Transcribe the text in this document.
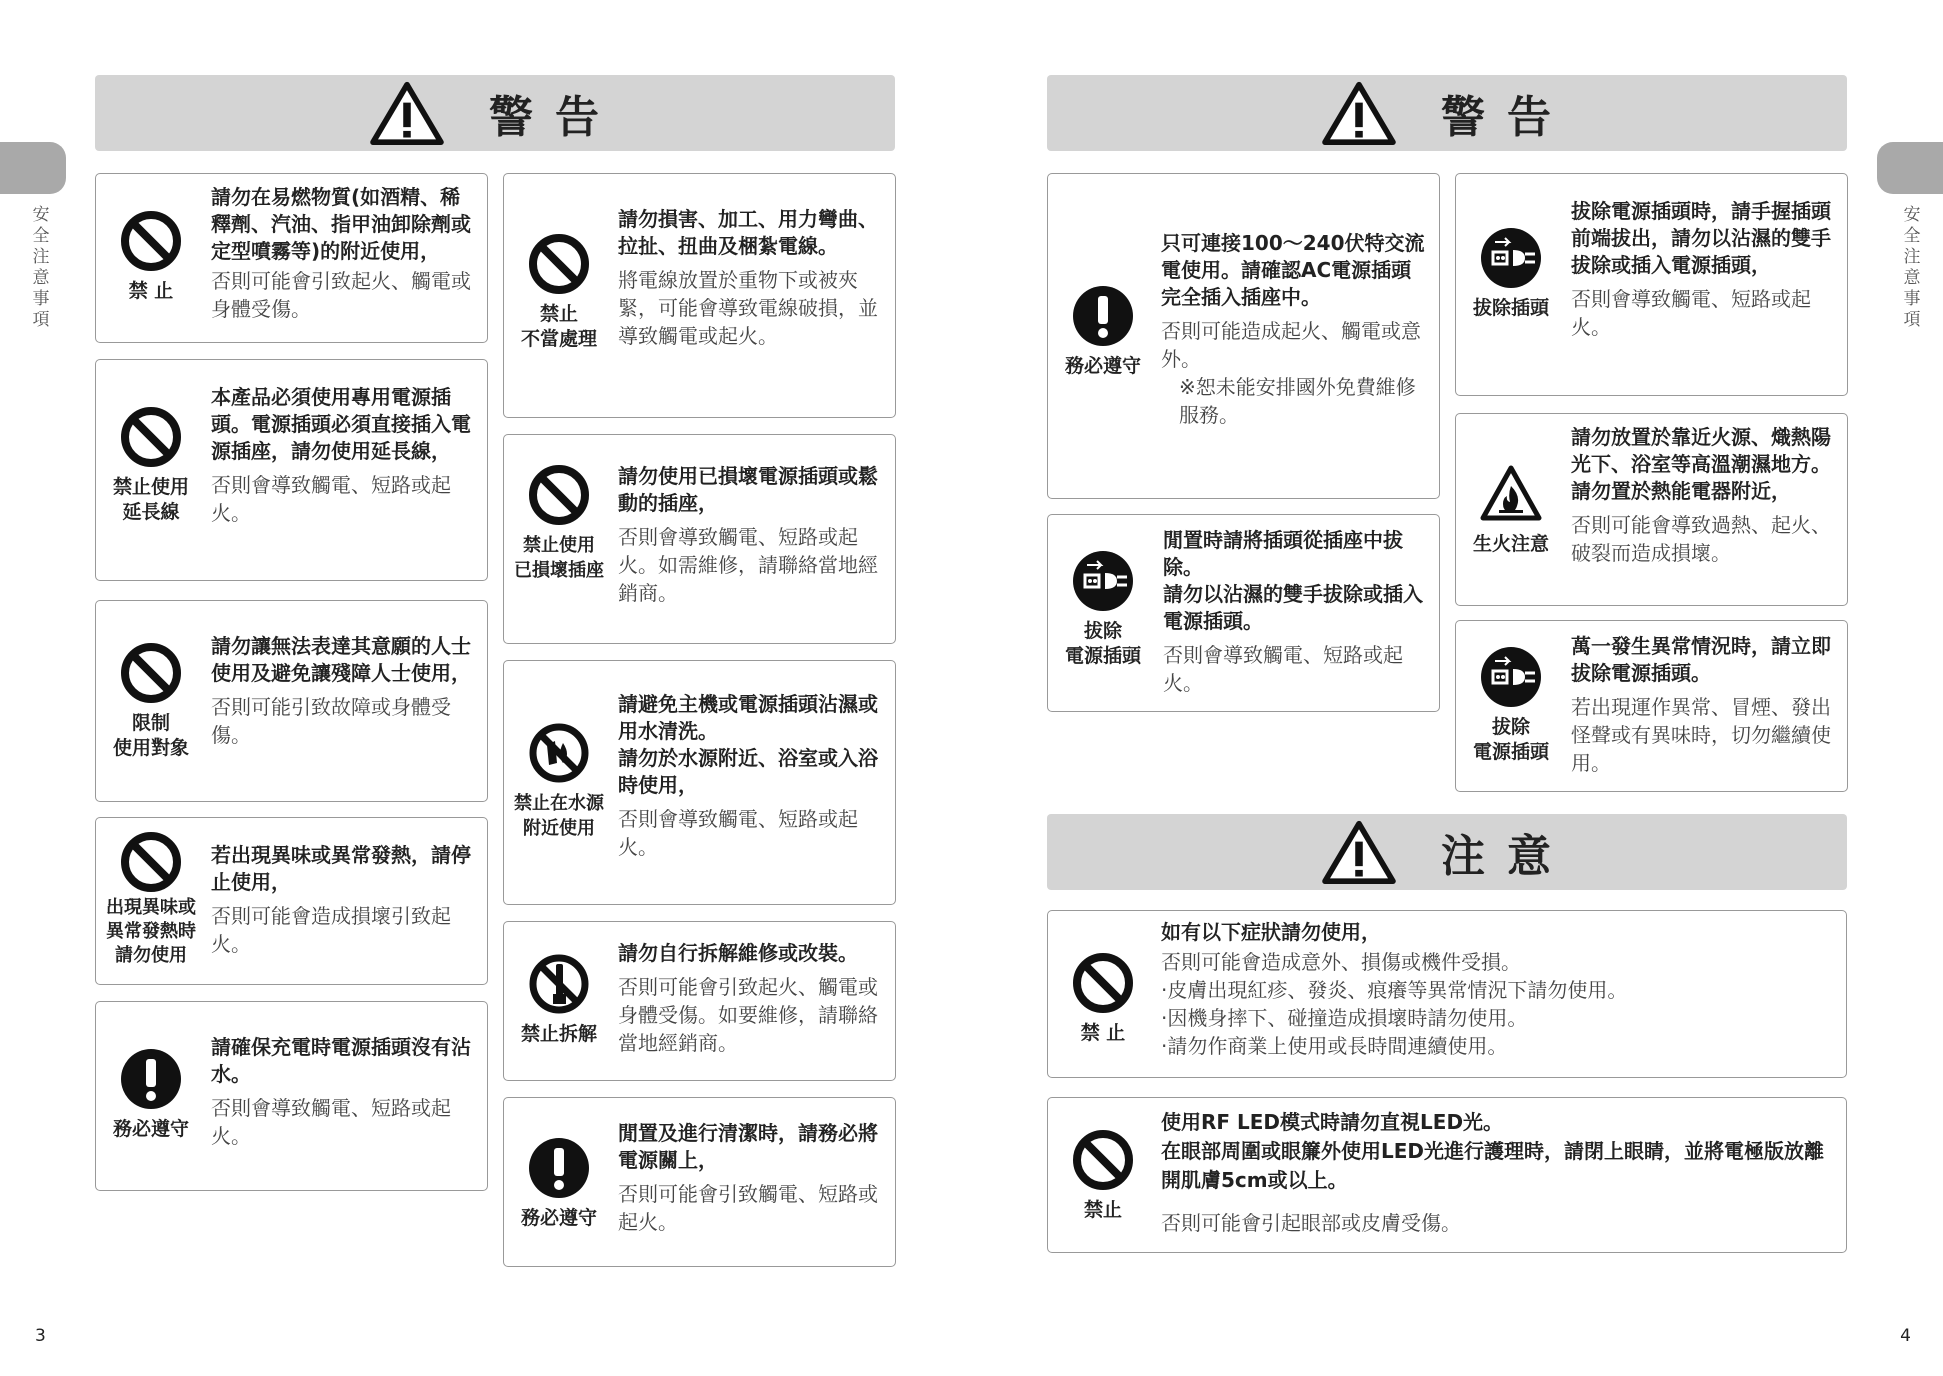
安全注意事項
安全注意事項
3	4
警告	警告
注意
禁 止
請勿在易燃物質(如酒精、稀釋劑、汽油、指甲油卸除劑或定型噴霧等)的附近使用，
否則可能會引致起火、觸電或身體受傷。
禁止使用
延長線
本產品必須使用專用電源插頭。電源插頭必須直接插入電源插座，請勿使用延長線，
否則會導致觸電、短路或起火。
限制
使用對象
請勿讓無法表達其意願的人士使用及避免讓殘障人士使用，
否則可能引致故障或身體受傷。
出現異味或
異常發熱時
請勿使用
若出現異味或異常發熱，請停止使用，
否則可能會造成損壞引致起火。
務必遵守
請確保充電時電源插頭沒有沾水。
否則會導致觸電、短路或起火。
禁止
不當處理
請勿損害、加工、用力彎曲、拉扯、扭曲及梱紮電線。
將電線放置於重物下或被夾緊，可能會導致電線破損，並導致觸電或起火。
禁止使用
已損壞插座
請勿使用已損壞電源插頭或鬆動的插座，
否則會導致觸電、短路或起火。如需維修，請聯絡當地經銷商。
禁止在水源
附近使用
請避免主機或電源插頭沾濕或用水清洗。
請勿於水源附近、浴室或入浴時使用，
否則會導致觸電、短路或起火。
禁止拆解
請勿自行拆解維修或改裝。
否則可能會引致起火、觸電或身體受傷。如要維修，請聯絡當地經銷商。
務必遵守
閒置及進行清潔時，請務必將電源關上，
否則可能會引致觸電、短路或起火。
務必遵守
只可連接100～240伏特交流電使用。請確認AC電源插頭完全插入插座中。
否則可能造成起火、觸電或意外。
※恕未能安排國外免費維修服務。
拔除
電源插頭
閒置時請將插頭從插座中拔除。
請勿以沾濕的雙手拔除或插入電源插頭。
否則會導致觸電、短路或起火。
拔除插頭
拔除電源插頭時，請手握插頭前端拔出，請勿以沾濕的雙手拔除或插入電源插頭，
否則會導致觸電、短路或起火。
生火注意
請勿放置於靠近火源、熾熱陽光下、浴室等高溫潮濕地方。請勿置於熱能電器附近，
否則可能會導致過熱、起火、破裂而造成損壞。
拔除
電源插頭
萬一發生異常情況時，請立即拔除電源插頭。
若出現運作異常、冒煙、發出怪聲或有異味時，切勿繼續使用。
禁 止
如有以下症狀請勿使用，
否則可能會造成意外、損傷或機件受損。
·皮膚出現紅疹、發炎、痕癢等異常情況下請勿使用。
·因機身摔下、碰撞造成損壞時請勿使用。
·請勿作商業上使用或長時間連續使用。
禁止
使用RF LED模式時請勿直視LED光。
在眼部周圍或眼簾外使用LED光進行護理時，請閉上眼睛，並將電極版放離開肌膚5cm或以上。
否則可能會引起眼部或皮膚受傷。
